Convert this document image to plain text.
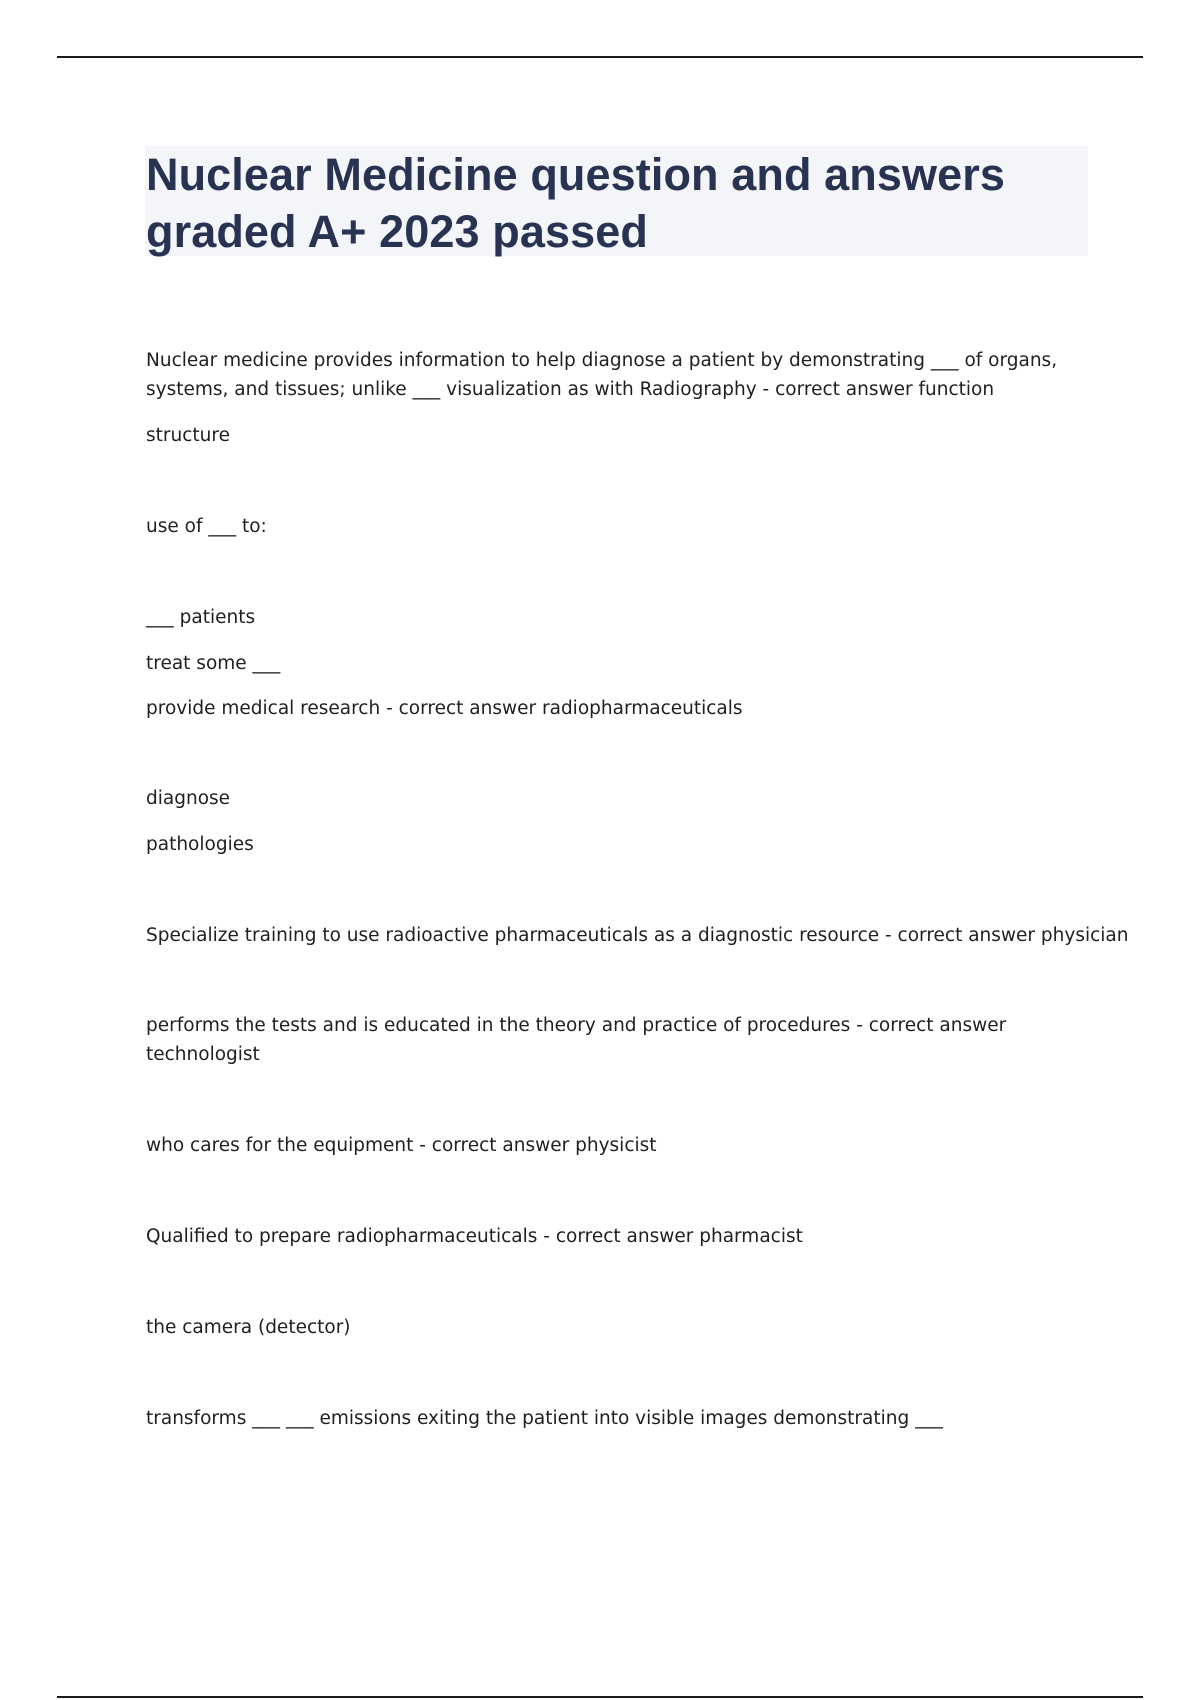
Nuclear Medicine question and answers graded A+ 2023 passed

Nuclear medicine provides information to help diagnose a patient by demonstrating ___ of organs, systems, and tissues; unlike ___ visualization as with Radiography - correct answer function

structure

use of ___ to:

___ patients

treat some ___

provide medical research - correct answer radiopharmaceuticals

diagnose

pathologies

Specialize training to use radioactive pharmaceuticals as a diagnostic resource - correct answer physician

performs the tests and is educated in the theory and practice of procedures - correct answer technologist

who cares for the equipment - correct answer physicist

Qualified to prepare radiopharmaceuticals - correct answer pharmacist

the camera (detector)

transforms ___ ___ emissions exiting the patient into visible images demonstrating ___
